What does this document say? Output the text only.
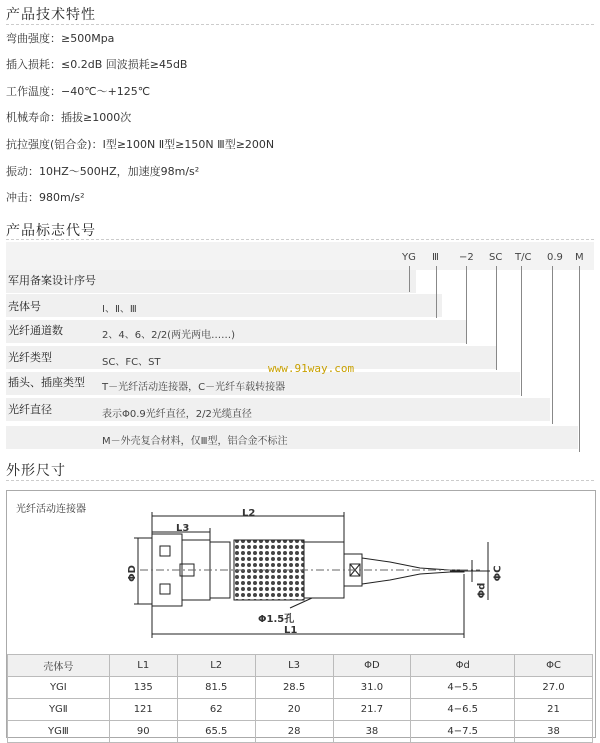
产品技术特性
弯曲强度：≥500Mpa
插入损耗：≤0.2dB 回波损耗≥45dB
工作温度：−40℃～+125℃
机械寿命：插拔≥1000次
抗拉强度(铝合金)：Ⅰ型≥100N Ⅱ型≥150N Ⅲ型≥200N
振动：10HZ～500HZ，加速度98m/s²
冲击：980m/s²
产品标志代号
YG Ⅲ −2 SC T/C 0.9 M
军用备案设计序号
壳体号	Ⅰ、Ⅱ、Ⅲ
光纤通道数	2、4、6、2/2(两光两电……)
光纤类型	SC、FC、ST
插头、插座类型 T－光纤活动连接器，C－光纤车载转接器
光纤直径	表示Φ0.9光纤直径，2/2光缆直径
M－外壳复合材料，仅Ⅲ型，铝合金不标注
www.91way.com
外形尺寸
光纤活动连接器	L2
L3
L1
ΦD
Φd
ΦC
Φ1.5孔
壳体号	L1	L2	L3	ΦD	Φd	ΦC
YGⅠ	135	81.5	28.5	31.0	4−5.5	27.0
YGⅡ	121	62	20	21.7	4−6.5	21
YGⅢ	90	65.5	28	38	4−7.5	38
